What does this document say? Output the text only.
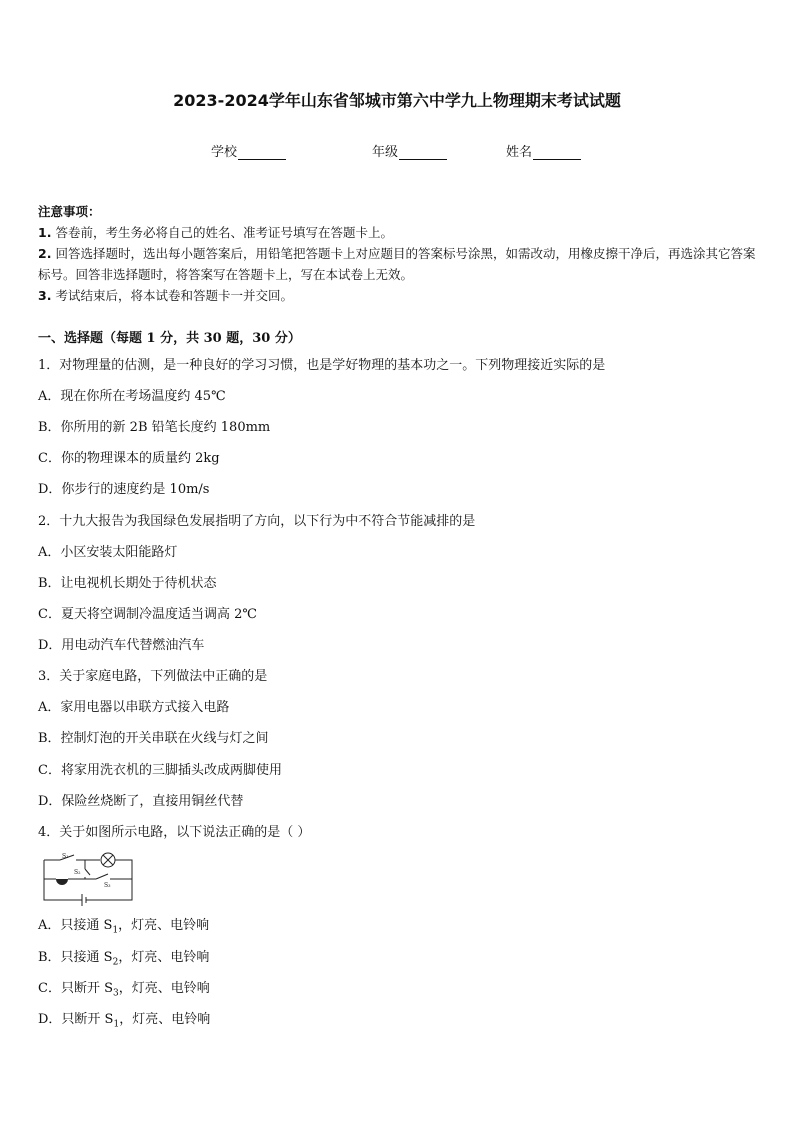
2023-2024学年山东省邹城市第六中学九上物理期末考试试题
学校	年级	姓名

注意事项：

1. 答卷前，考生务必将自己的姓名、准考证号填写在答题卡上。

2. 回答选择题时，选出每小题答案后，用铅笔把答题卡上对应题目的答案标号涂黑，如需改动，用橡皮擦干净后，再选涂其它答案标号。回答非选择题时，将答案写在答题卡上，写在本试卷上无效。

3. 考试结束后，将本试卷和答题卡一并交回。

一、选择题（每题 1 分，共 30 题，30 分）
1．对物理量的估测，是一种良好的学习习惯，也是学好物理的基本功之一。下列物理接近实际的是
A．现在你所在考场温度约 45℃
B．你所用的新 2B 铅笔长度约 180mm
C．你的物理课本的质量约 2kg
D．你步行的速度约是 10m/s
2．十九大报告为我国绿色发展指明了方向，以下行为中不符合节能减排的是
A．小区安装太阳能路灯
B．让电视机长期处于待机状态
C．夏天将空调制冷温度适当调高 2℃
D．用电动汽车代替燃油汽车
3．关于家庭电路，下列做法中正确的是
A．家用电器以串联方式接入电路
B．控制灯泡的开关串联在火线与灯之间
C．将家用洗衣机的三脚插头改成两脚使用
D．保险丝烧断了，直接用铜丝代替
4．关于如图所示电路，以下说法正确的是（ ）
S₁
S₂
S₃
A．只接通 $S_1$，灯亮、电铃响
B．只接通 $S_2$，灯亮、电铃响
C．只断开 $S_3$，灯亮、电铃响
D．只断开 $S_1$，灯亮、电铃响
